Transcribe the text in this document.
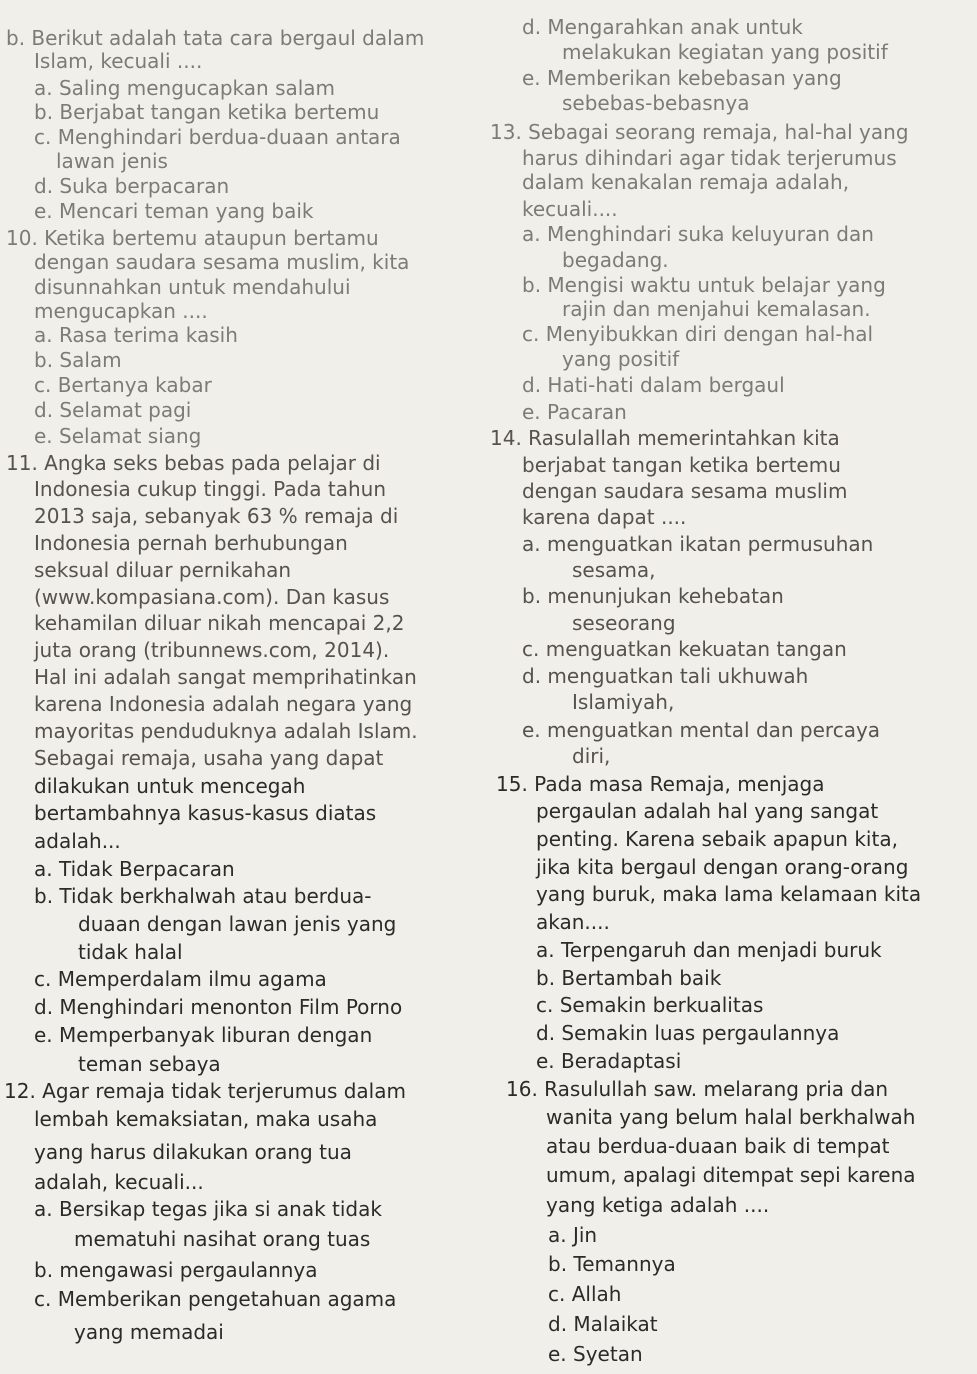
b. Berikut adalah tata cara bergaul dalam
Islam, kecuali ....
a. Saling mengucapkan salam
b. Berjabat tangan ketika bertemu
c. Menghindari berdua-duaan antara
lawan jenis
d. Suka berpacaran
e. Mencari teman yang baik
10. Ketika bertemu ataupun bertamu
dengan saudara sesama muslim, kita
disunnahkan untuk mendahului
mengucapkan ....
a. Rasa terima kasih
b. Salam
c. Bertanya kabar
d. Selamat pagi
e. Selamat siang
11. Angka seks bebas pada pelajar di
Indonesia cukup tinggi. Pada tahun
2013 saja, sebanyak 63 % remaja di
Indonesia pernah berhubungan
seksual diluar pernikahan
(www.kompasiana.com). Dan kasus
kehamilan diluar nikah mencapai 2,2
juta orang (tribunnews.com, 2014).
Hal ini adalah sangat memprihatinkan
karena Indonesia adalah negara yang
mayoritas penduduknya adalah Islam.
Sebagai remaja, usaha yang dapat
dilakukan untuk mencegah
bertambahnya kasus-kasus diatas
adalah...
a. Tidak Berpacaran
b. Tidak berkhalwah atau berdua-
duaan dengan lawan jenis yang
tidak halal
c. Memperdalam ilmu agama
d. Menghindari menonton Film Porno
e. Memperbanyak liburan dengan
teman sebaya
12. Agar remaja tidak terjerumus dalam
lembah kemaksiatan, maka usaha
yang harus dilakukan orang tua
adalah, kecuali...
a. Bersikap tegas jika si anak tidak
mematuhi nasihat orang tuas
b. mengawasi pergaulannya
c. Memberikan pengetahuan agama
yang memadai
d. Mengarahkan anak untuk
melakukan kegiatan yang positif
e. Memberikan kebebasan yang
sebebas-bebasnya
13. Sebagai seorang remaja, hal-hal yang
harus dihindari agar tidak terjerumus
dalam kenakalan remaja adalah,
kecuali....
a. Menghindari suka keluyuran dan
begadang.
b. Mengisi waktu untuk belajar yang
rajin dan menjahui kemalasan.
c. Menyibukkan diri dengan hal-hal
yang positif
d. Hati-hati dalam bergaul
e. Pacaran
14. Rasulallah memerintahkan kita
berjabat tangan ketika bertemu
dengan saudara sesama muslim
karena dapat ....
a. menguatkan ikatan permusuhan
sesama,
b. menunjukan kehebatan
seseorang
c. menguatkan kekuatan tangan
d. menguatkan tali ukhuwah
Islamiyah,
e. menguatkan mental dan percaya
diri,
15. Pada masa Remaja, menjaga
pergaulan adalah hal yang sangat
penting. Karena sebaik apapun kita,
jika kita bergaul dengan orang-orang
yang buruk, maka lama kelamaan kita
akan....
a. Terpengaruh dan menjadi buruk
b. Bertambah baik
c. Semakin berkualitas
d. Semakin luas pergaulannya
e. Beradaptasi
16. Rasulullah saw. melarang pria dan
wanita yang belum halal berkhalwah
atau berdua-duaan baik di tempat
umum, apalagi ditempat sepi karena
yang ketiga adalah ....
a. Jin
b. Temannya
c. Allah
d. Malaikat
e. Syetan
